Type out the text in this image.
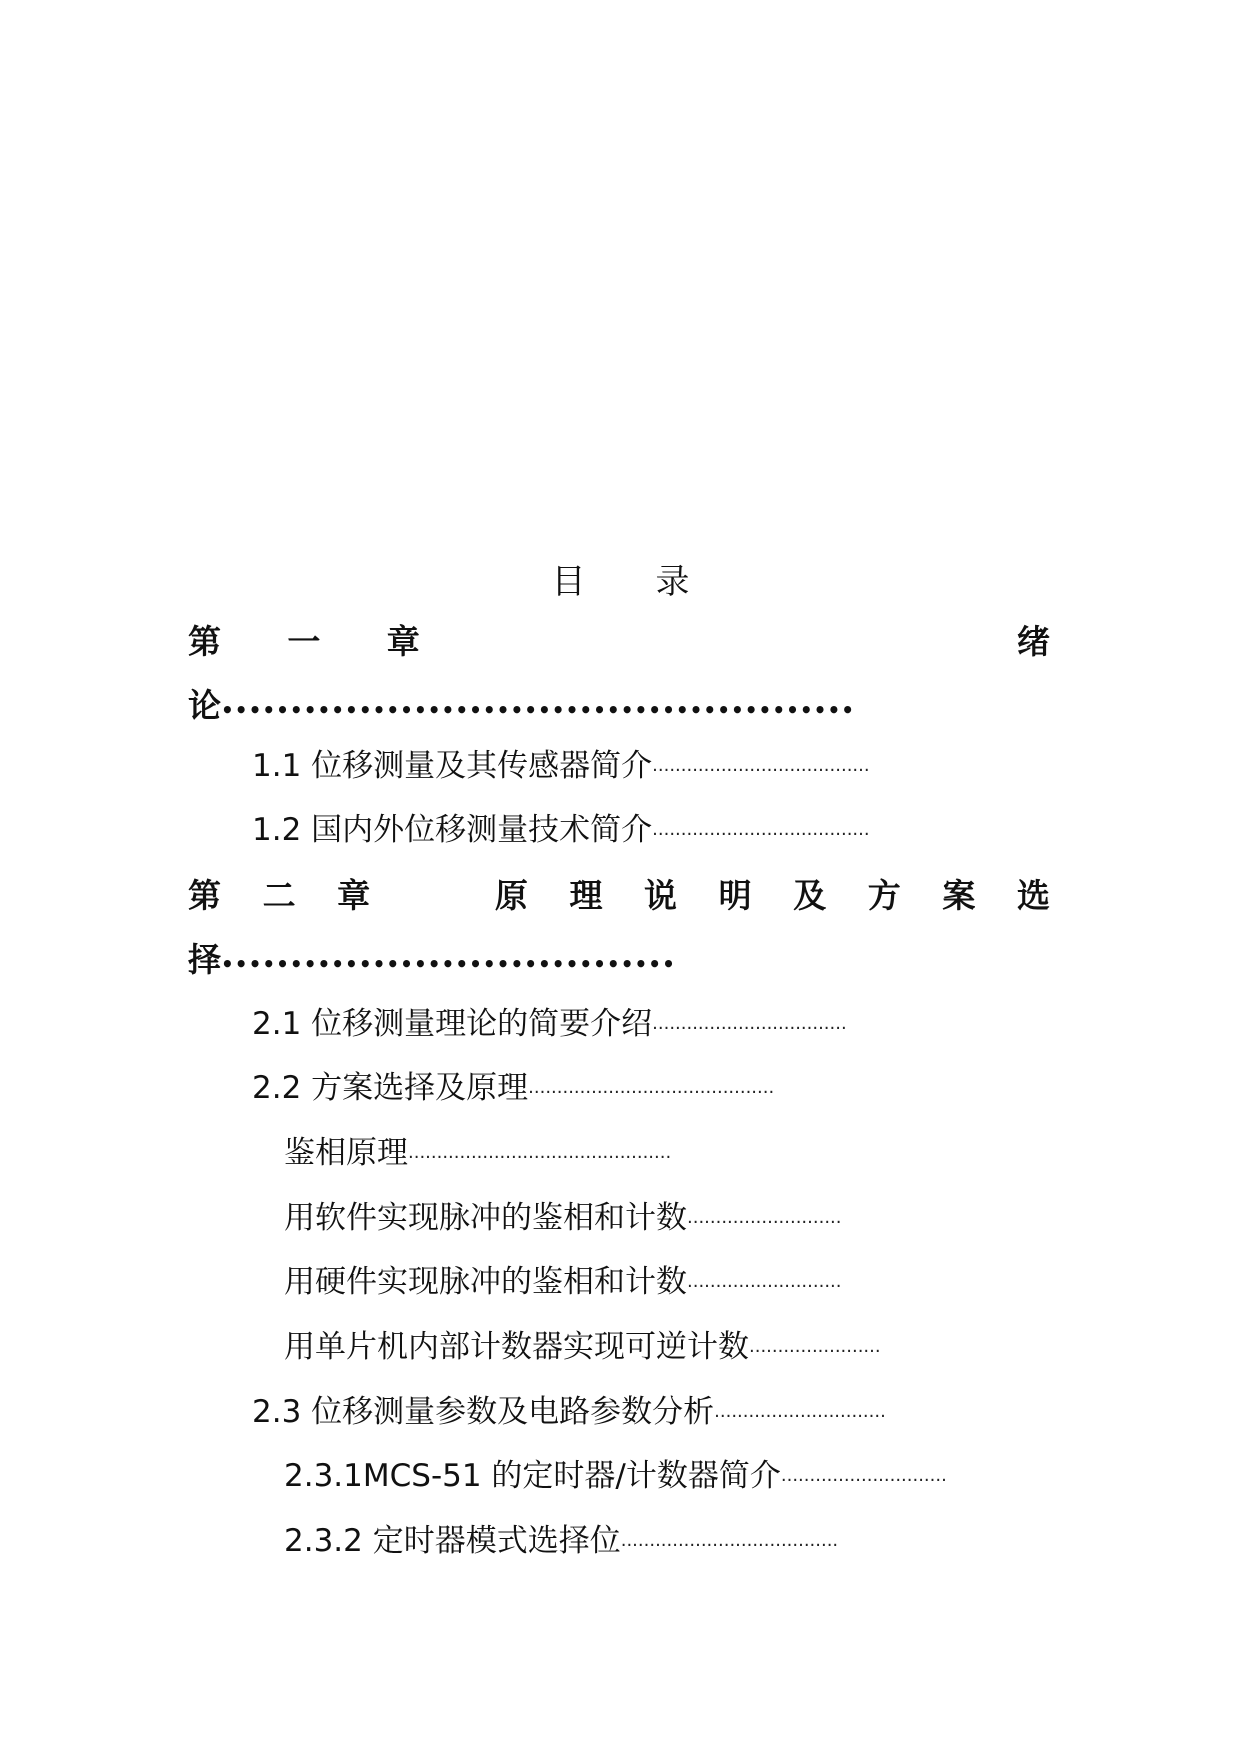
目 录
第 一 章	绪
论••••••••••••••••••••••••••••••••••••••••••••••
1.1 位移测量及其传感器简介······································
1.2 国内外位移测量技术简介······································
第 二 章	原 理 说 明 及 方 案 选
择•••••••••••••••••••••••••••••••••
2.1 位移测量理论的简要介绍··································
2.2 方案选择及原理···········································
鉴相原理··············································
用软件实现脉冲的鉴相和计数···························
用硬件实现脉冲的鉴相和计数···························
用单片机内部计数器实现可逆计数·······················
2.3 位移测量参数及电路参数分析······························
2.3.1MCS-51 的定时器/计数器简介·····························
2.3.2 定时器模式选择位······································
